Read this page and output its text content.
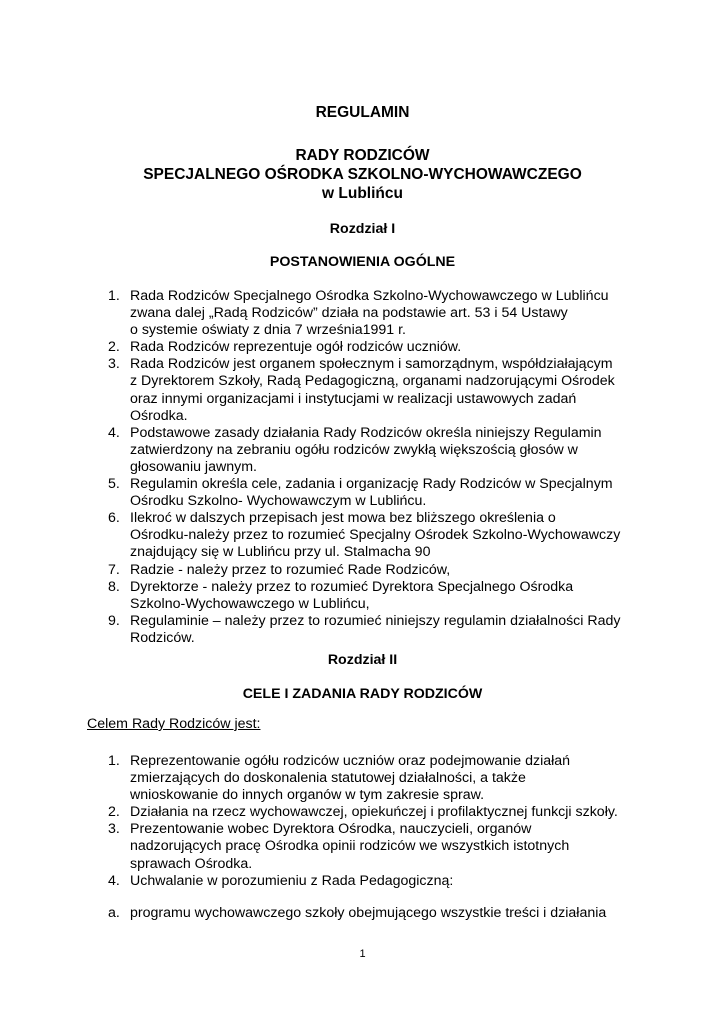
REGULAMIN
RADY RODZICÓW
SPECJALNEGO OŚRODKA SZKOLNO-WYCHOWAWCZEGO
w Lublińcu
Rozdział I
POSTANOWIENIA OGÓLNE
1. Rada Rodziców Specjalnego Ośrodka Szkolno-Wychowawczego w Lublińcu
zwana dalej „Radą Rodziców” działa na podstawie art. 53 i 54 Ustawy
o systemie oświaty z dnia 7 września1991 r.
2. Rada Rodziców reprezentuje ogół rodziców uczniów.
3. Rada Rodziców jest organem społecznym i samorządnym, współdziałającym
z Dyrektorem Szkoły, Radą Pedagogiczną, organami nadzorującymi Ośrodek
oraz innymi organizacjami i instytucjami w realizacji ustawowych zadań
Ośrodka.
4. Podstawowe zasady działania Rady Rodziców określa niniejszy Regulamin
zatwierdzony na zebraniu ogółu rodziców zwykłą większością głosów w
głosowaniu jawnym.
5. Regulamin określa cele, zadania i organizację Rady Rodziców w Specjalnym
Ośrodku Szkolno- Wychowawczym w Lublińcu.
6. Ilekroć w dalszych przepisach jest mowa bez bliższego określenia o
Ośrodku-należy przez to rozumieć Specjalny Ośrodek Szkolno-Wychowawczy
znajdujący się w Lublińcu przy ul. Stalmacha 90
7. Radzie - należy przez to rozumieć Rade Rodziców,
8. Dyrektorze - należy przez to rozumieć Dyrektora Specjalnego Ośrodka
Szkolno-Wychowawczego w Lublińcu,
9. Regulaminie – należy przez to rozumieć niniejszy regulamin działalności Rady
Rodziców.
Rozdział II
CELE I ZADANIA RADY RODZICÓW
Celem Rady Rodziców jest:
1. Reprezentowanie ogółu rodziców uczniów oraz podejmowanie działań
zmierzających do doskonalenia statutowej działalności, a także
wnioskowanie do innych organów w tym zakresie spraw.
2. Działania na rzecz wychowawczej, opiekuńczej i profilaktycznej funkcji szkoły.
3. Prezentowanie wobec Dyrektora Ośrodka, nauczycieli, organów
nadzorujących pracę Ośrodka opinii rodziców we wszystkich istotnych
sprawach Ośrodka.
4. Uchwalanie w porozumieniu z Rada Pedagogiczną:
a. programu wychowawczego szkoły obejmującego wszystkie treści i działania
1
